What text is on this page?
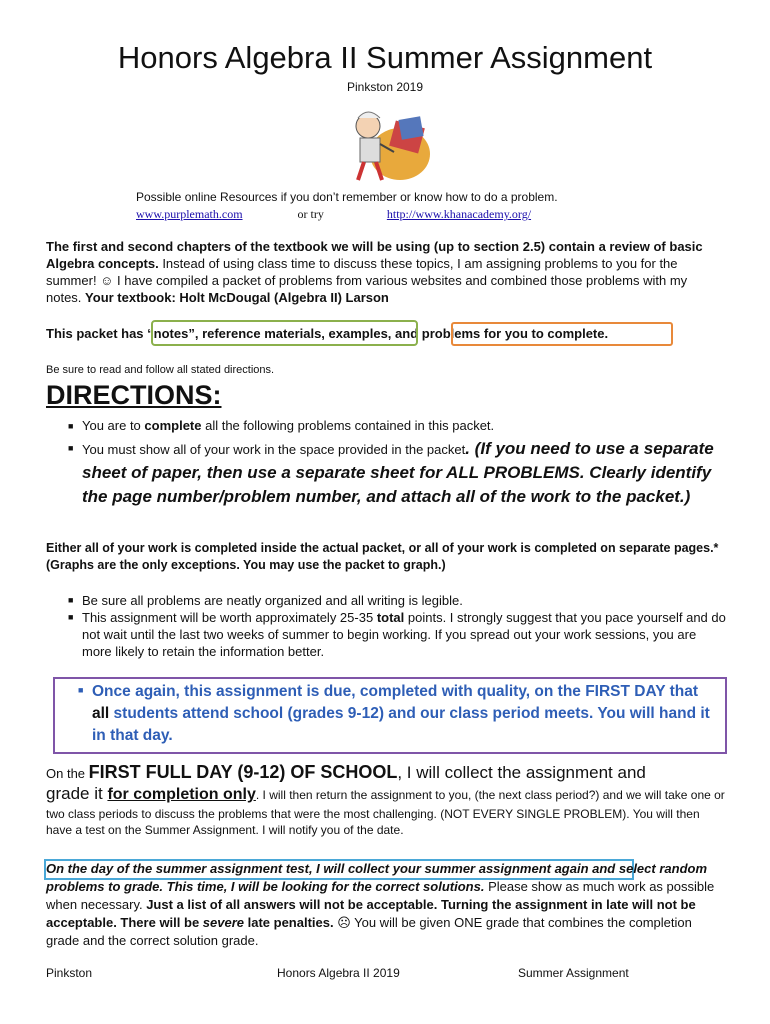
Honors Algebra II Summer Assignment
Pinkston 2019
Possible online Resources if you don’t remember or know how to do a problem.
www.purplemath.com	or try	http://www.khanacademy.org/
The first and second chapters of the textbook we will be using (up to section 2.5) contain a review of basic Algebra concepts. Instead of using class time to discuss these topics, I am assigning problems to you for the summer! ☺ I have compiled a packet of problems from various websites and combined those problems with my notes. Your textbook: Holt McDougal (Algebra II) Larson
This packet has “notes”, reference materials, examples, and problems for you to complete.
Be sure to read and follow all stated directions.
DIRECTIONS:
■ You are to complete all the following problems contained in this packet.
■ You must show all of your work in the space provided in the packet. (If you need to use a separate sheet of paper, then use a separate sheet for ALL PROBLEMS. Clearly identify the page number/problem number, and attach all of the work to the packet.)
Either all of your work is completed inside the actual packet, or all of your work is completed on separate pages.* (Graphs are the only exceptions. You may use the packet to graph.)
■ Be sure all problems are neatly organized and all writing is legible.
■ This assignment will be worth approximately 25-35 total points. I strongly suggest that you pace yourself and do not wait until the last two weeks of summer to begin working. If you spread out your work sessions, you are more likely to retain the information better.
■ Once again, this assignment is due, completed with quality, on the FIRST DAY that all students attend school (grades 9-12) and our class period meets. You will hand it in that day.
On the FIRST FULL DAY (9-12) OF SCHOOL, I will collect the assignment and
grade it for completion only. I will then return the assignment to you, (the next class period?) and we will take one or two class periods to discuss the problems that were the most challenging. (NOT EVERY SINGLE PROBLEM). You will then have a test on the Summer Assignment. I will notify you of the date.
On the day of the summer assignment test, I will collect your summer assignment again and select random problems to grade. This time, I will be looking for the correct solutions. Please show as much work as possible when necessary. Just a list of all answers will not be acceptable. Turning the assignment in late will not be acceptable. There will be severe late penalties. ☹ You will be given ONE grade that combines the completion grade and the correct solution grade.
Pinkston	Honors Algebra II 2019	Summer Assignment
